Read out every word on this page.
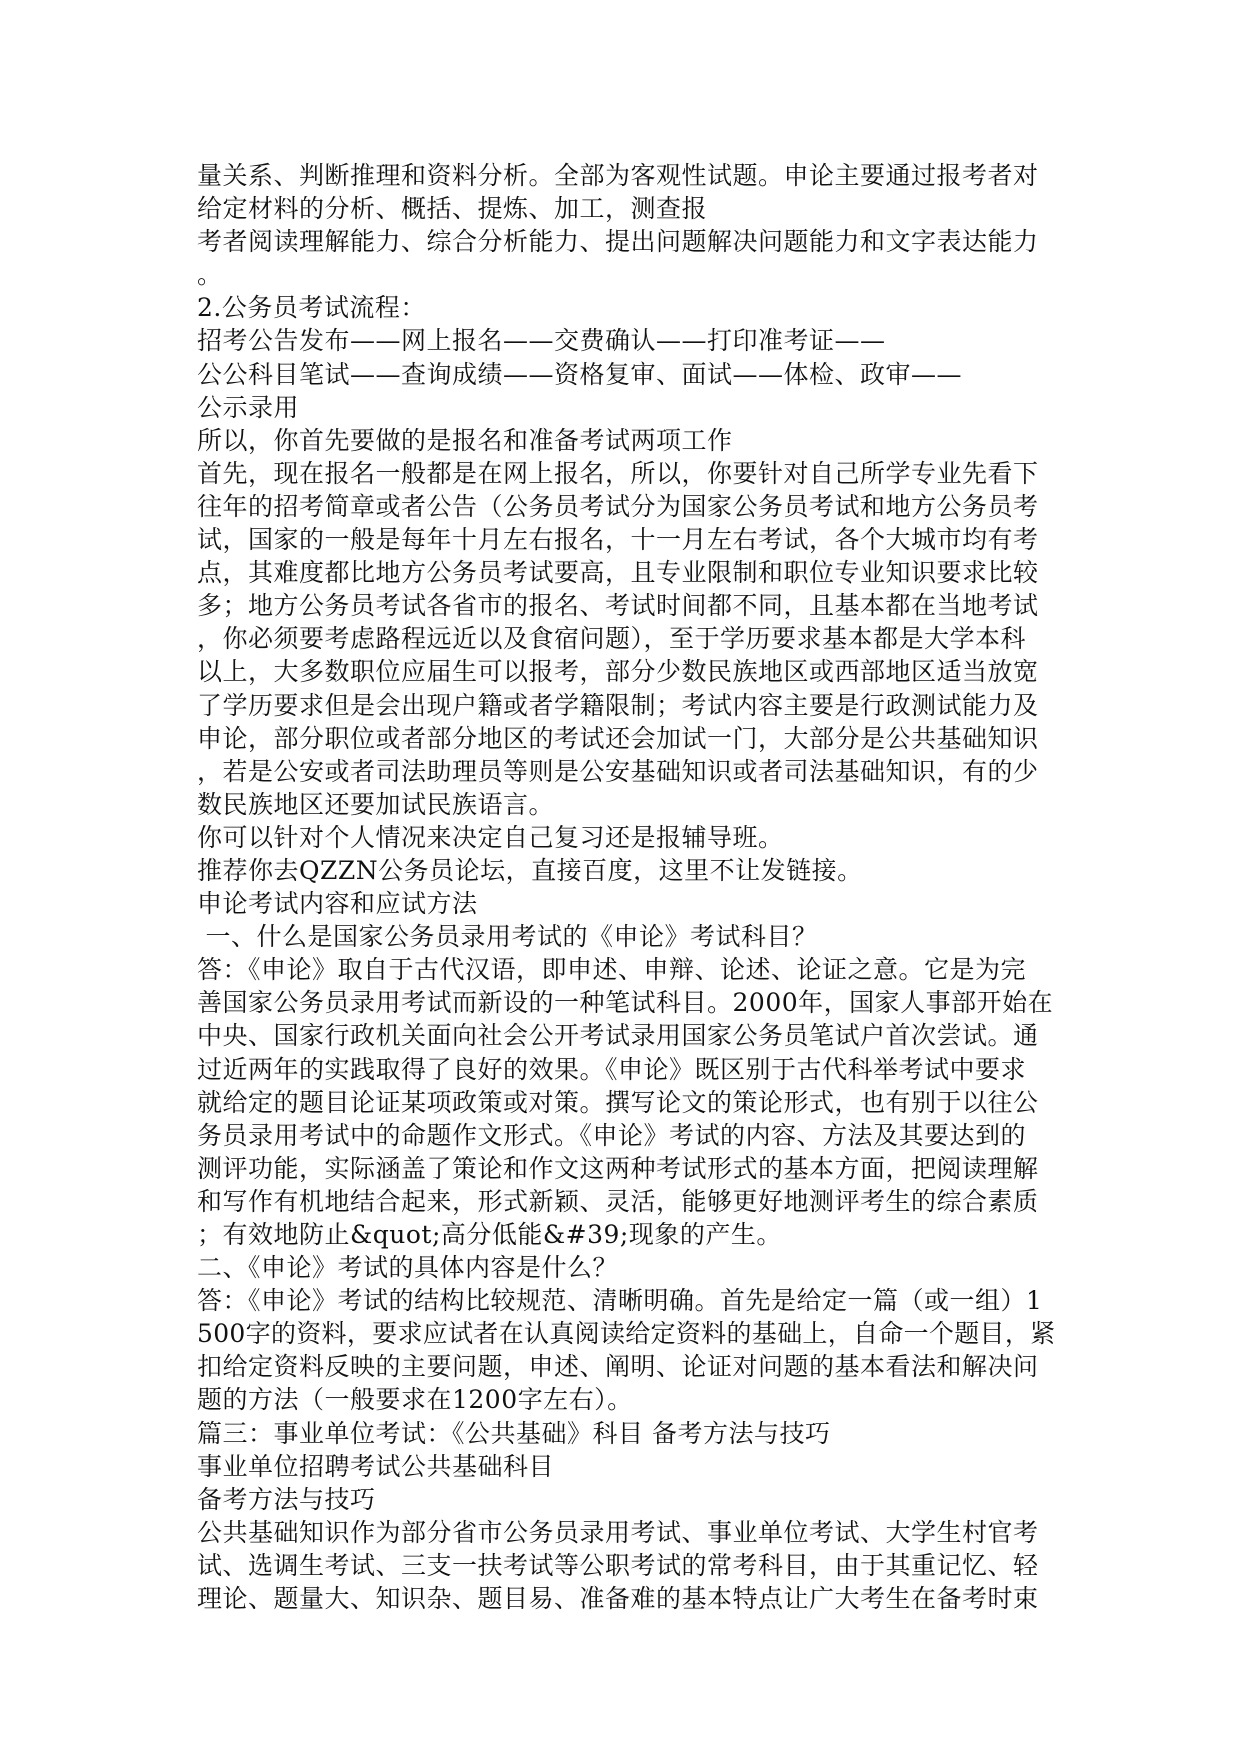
量关系、判断推理和资料分析。全部为客观性试题。申论主要通过报考者对
给定材料的分析、概括、提炼、加工，测查报
考者阅读理解能力、综合分析能力、提出问题解决问题能力和文字表达能力
。
2.公务员考试流程：
招考公告发布——网上报名——交费确认——打印准考证——
公公科目笔试——查询成绩——资格复审、面试——体检、政审——
公示录用
所以，你首先要做的是报名和准备考试两项工作
首先，现在报名一般都是在网上报名，所以，你要针对自己所学专业先看下
往年的招考简章或者公告（公务员考试分为国家公务员考试和地方公务员考
试，国家的一般是每年十月左右报名，十一月左右考试，各个大城市均有考
点，其难度都比地方公务员考试要高，且专业限制和职位专业知识要求比较
多；地方公务员考试各省市的报名、考试时间都不同，且基本都在当地考试
，你必须要考虑路程远近以及食宿问题），至于学历要求基本都是大学本科
以上，大多数职位应届生可以报考，部分少数民族地区或西部地区适当放宽
了学历要求但是会出现户籍或者学籍限制；考试内容主要是行政测试能力及
申论，部分职位或者部分地区的考试还会加试一门，大部分是公共基础知识
，若是公安或者司法助理员等则是公安基础知识或者司法基础知识，有的少
数民族地区还要加试民族语言。
你可以针对个人情况来决定自己复习还是报辅导班。
推荐你去QZZN公务员论坛，直接百度，这里不让发链接。
申论考试内容和应试方法
一、什么是国家公务员录用考试的《申论》考试科目？
答：《申论》取自于古代汉语，即申述、申辩、论述、论证之意。它是为完
善国家公务员录用考试而新设的一种笔试科目。2000年，国家人事部开始在
中央、国家行政机关面向社会公开考试录用国家公务员笔试户首次尝试。通
过近两年的实践取得了良好的效果。《申论》既区别于古代科举考试中要求
就给定的题目论证某项政策或对策。撰写论文的策论形式，也有别于以往公
务员录用考试中的命题作文形式。《申论》考试的内容、方法及其要达到的
测评功能，实际涵盖了策论和作文这两种考试形式的基本方面，把阅读理解
和写作有机地结合起来，形式新颖、灵活，能够更好地测评考生的综合素质
；有效地防止&quot;高分低能&#39;现象的产生。
二、《申论》考试的具体内容是什么？
答：《申论》考试的结构比较规范、清晰明确。首先是给定一篇（或一组）1
500字的资料，要求应试者在认真阅读给定资料的基础上，自命一个题目，紧
扣给定资料反映的主要问题，申述、阐明、论证对问题的基本看法和解决问
题的方法（一般要求在1200字左右）。
篇三：事业单位考试：《公共基础》科目 备考方法与技巧
事业单位招聘考试公共基础科目
备考方法与技巧
公共基础知识作为部分省市公务员录用考试、事业单位考试、大学生村官考
试、选调生考试、三支一扶考试等公职考试的常考科目，由于其重记忆、轻
理论、题量大、知识杂、题目易、准备难的基本特点让广大考生在备考时束
